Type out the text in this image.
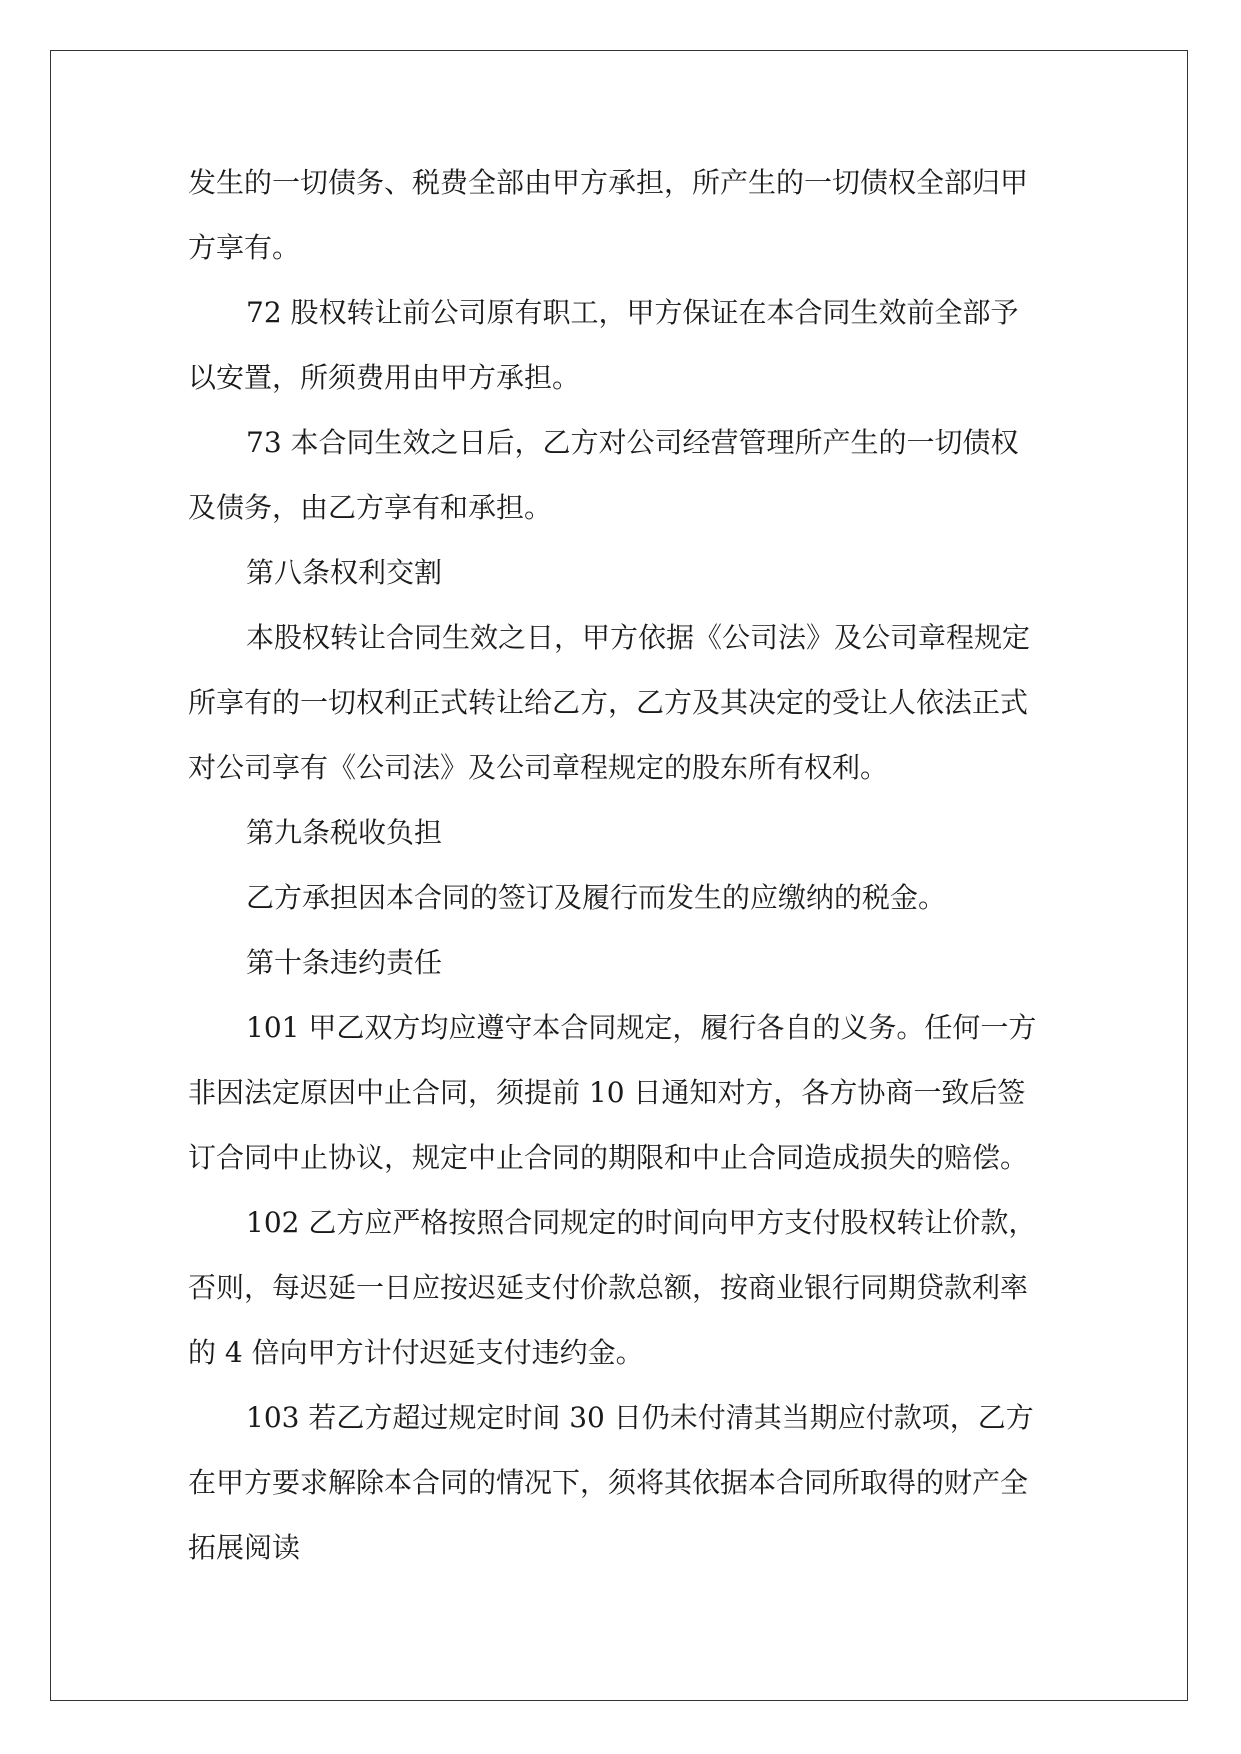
发生的一切债务、税费全部由甲方承担，所产生的一切债权全部归甲
方享有。
72 股权转让前公司原有职工，甲方保证在本合同生效前全部予
以安置，所须费用由甲方承担。
73 本合同生效之日后，乙方对公司经营管理所产生的一切债权
及债务，由乙方享有和承担。
第八条权利交割
本股权转让合同生效之日，甲方依据《公司法》及公司章程规定
所享有的一切权利正式转让给乙方，乙方及其决定的受让人依法正式
对公司享有《公司法》及公司章程规定的股东所有权利。
第九条税收负担
乙方承担因本合同的签订及履行而发生的应缴纳的税金。
第十条违约责任
101 甲乙双方均应遵守本合同规定，履行各自的义务。任何一方
非因法定原因中止合同，须提前 10 日通知对方，各方协商一致后签
订合同中止协议，规定中止合同的期限和中止合同造成损失的赔偿。
102 乙方应严格按照合同规定的时间向甲方支付股权转让价款，
否则，每迟延一日应按迟延支付价款总额，按商业银行同期贷款利率
的 4 倍向甲方计付迟延支付违约金。
103 若乙方超过规定时间 30 日仍未付清其当期应付款项，乙方
在甲方要求解除本合同的情况下，须将其依据本合同所取得的财产全
拓展阅读
